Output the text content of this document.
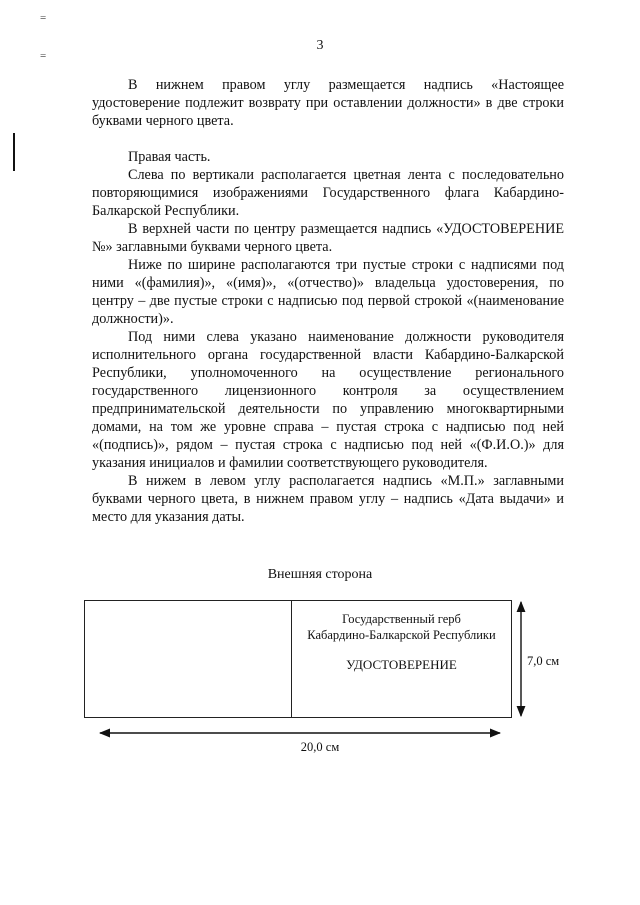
=
=
3

В нижнем правом углу размещается надпись «Настоящее удостоверение подлежит возврату при оставлении должности» в две строки буквами черного цвета.

Правая часть.

Слева по вертикали располагается цветная лента с последовательно повторяющимися изображениями Государственного флага Кабардино-Балкарской Республики.

В верхней части по центру размещается надпись «УДОСТОВЕРЕНИЕ №» заглавными буквами черного цвета.

Ниже по ширине располагаются три пустые строки с надписями под ними «(фамилия)», «(имя)», «(отчество)» владельца удостоверения, по центру – две пустые строки с надписью под первой строкой «(наименование должности)».

Под ними слева указано наименование должности руководителя исполнительного органа государственной власти Кабардино-Балкарской Республики, уполномоченного на осуществление регионального государственного лицензионного контроля за осуществлением предпринимательской деятельности по управлению многоквартирными домами, на том же уровне справа – пустая строка с надписью под ней «(подпись)», рядом – пустая строка с надписью под ней «(Ф.И.О.)» для указания инициалов и фамилии соответствующего руководителя.

В нижем в левом углу располагается надпись «М.П.» заглавными буквами черного цвета, в нижнем правом углу – надпись «Дата выдачи» и место для указания даты.

Внешняя сторона
Государственный герб
Кабардино-Балкарской Республики
УДОСТОВЕРЕНИЕ	7,0 см
20,0 см
